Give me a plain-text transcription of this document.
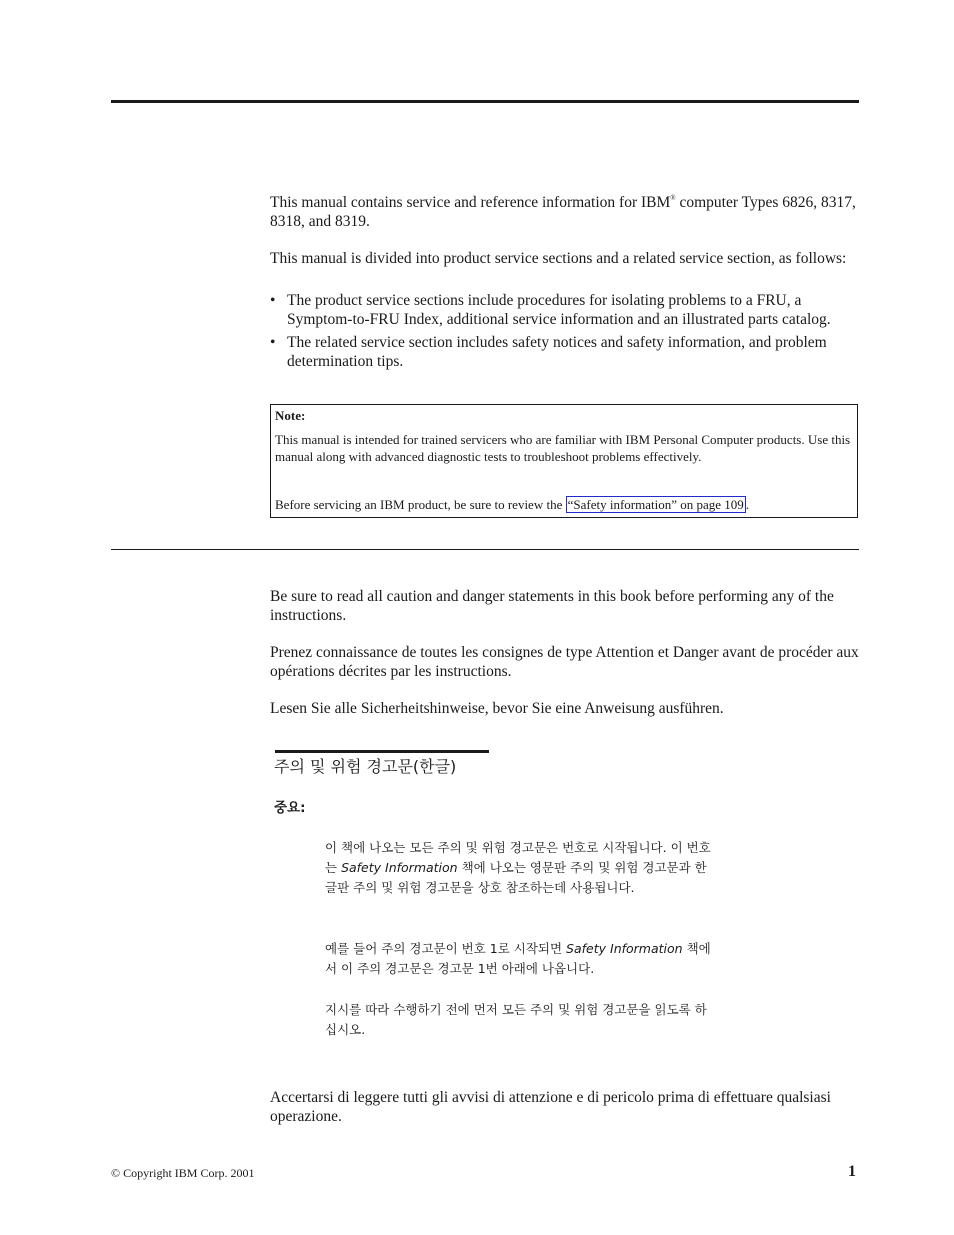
This manual contains service and reference information for IBM® computer Types 6826, 8317, 8318, and 8319.

This manual is divided into product service sections and a related service section, as follows:

• The product service sections include procedures for isolating problems to a FRU, a Symptom-to-FRU Index, additional service information and an illustrated parts catalog.
• The related service section includes safety notices and safety information, and problem determination tips.
Note:
This manual is intended for trained servicers who are familiar with IBM Personal Computer products. Use this manual along with advanced diagnostic tests to troubleshoot problems effectively.
Before servicing an IBM product, be sure to review the “Safety information” on page 109 .

Be sure to read all caution and danger statements in this book before performing any of the instructions.

Prenez connaissance de toutes les consignes de type Attention et Danger avant de procéder aux opérations décrites par les instructions.

Lesen Sie alle Sicherheitshinweise, bevor Sie eine Anweisung ausführen.

주의 및 위험 경고문(한글)
중요:

이 책에 나오는 모든 주의 및 위험 경고문은 번호로 시작됩니다. 이 번호는 Safety Information 책에 나오는 영문판 주의 및 위험 경고문과 한글판 주의 및 위험 경고문을 상호 참조하는데 사용됩니다.

예를 들어 주의 경고문이 번호 1로 시작되면 Safety Information 책에서 이 주의 경고문은 경고문 1번 아래에 나옵니다.

지시를 따라 수행하기 전에 먼저 모든 주의 및 위험 경고문을 읽도록 하십시오.

Accertarsi di leggere tutti gli avvisi di attenzione e di pericolo prima di effettuare qualsiasi operazione.

© Copyright IBM Corp. 2001	1
